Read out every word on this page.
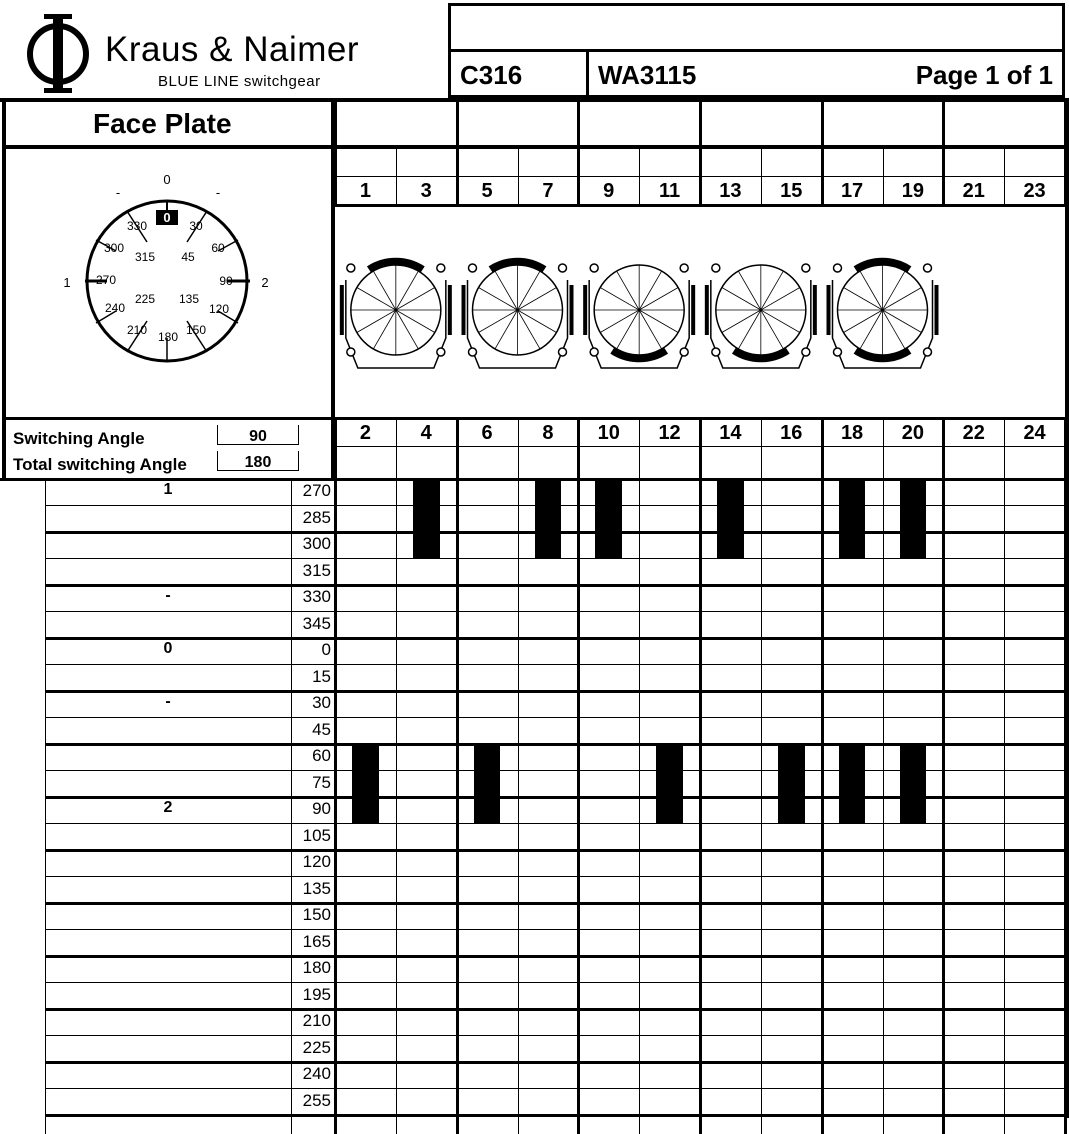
Kraus & Naimer
BLUE LINE switchgear	C316	WA3115	Page 1 of 1
Face Plate
0
-	-
1	2
0
30
60
90
120
150
180
210
240
270
300
330
315 45
135
225
Switching Angle	90
Total switching Angle	180
1	3	5	7	9	11	13	15	17	19	21	23
2	4	6	8	10	12	14	16	18	20	22	24
1	270
285
300
315
-	330
345
0	0
15
-	30
45
60
75
2	90
105
120
135
150
165
180
195
210
225
240
255
